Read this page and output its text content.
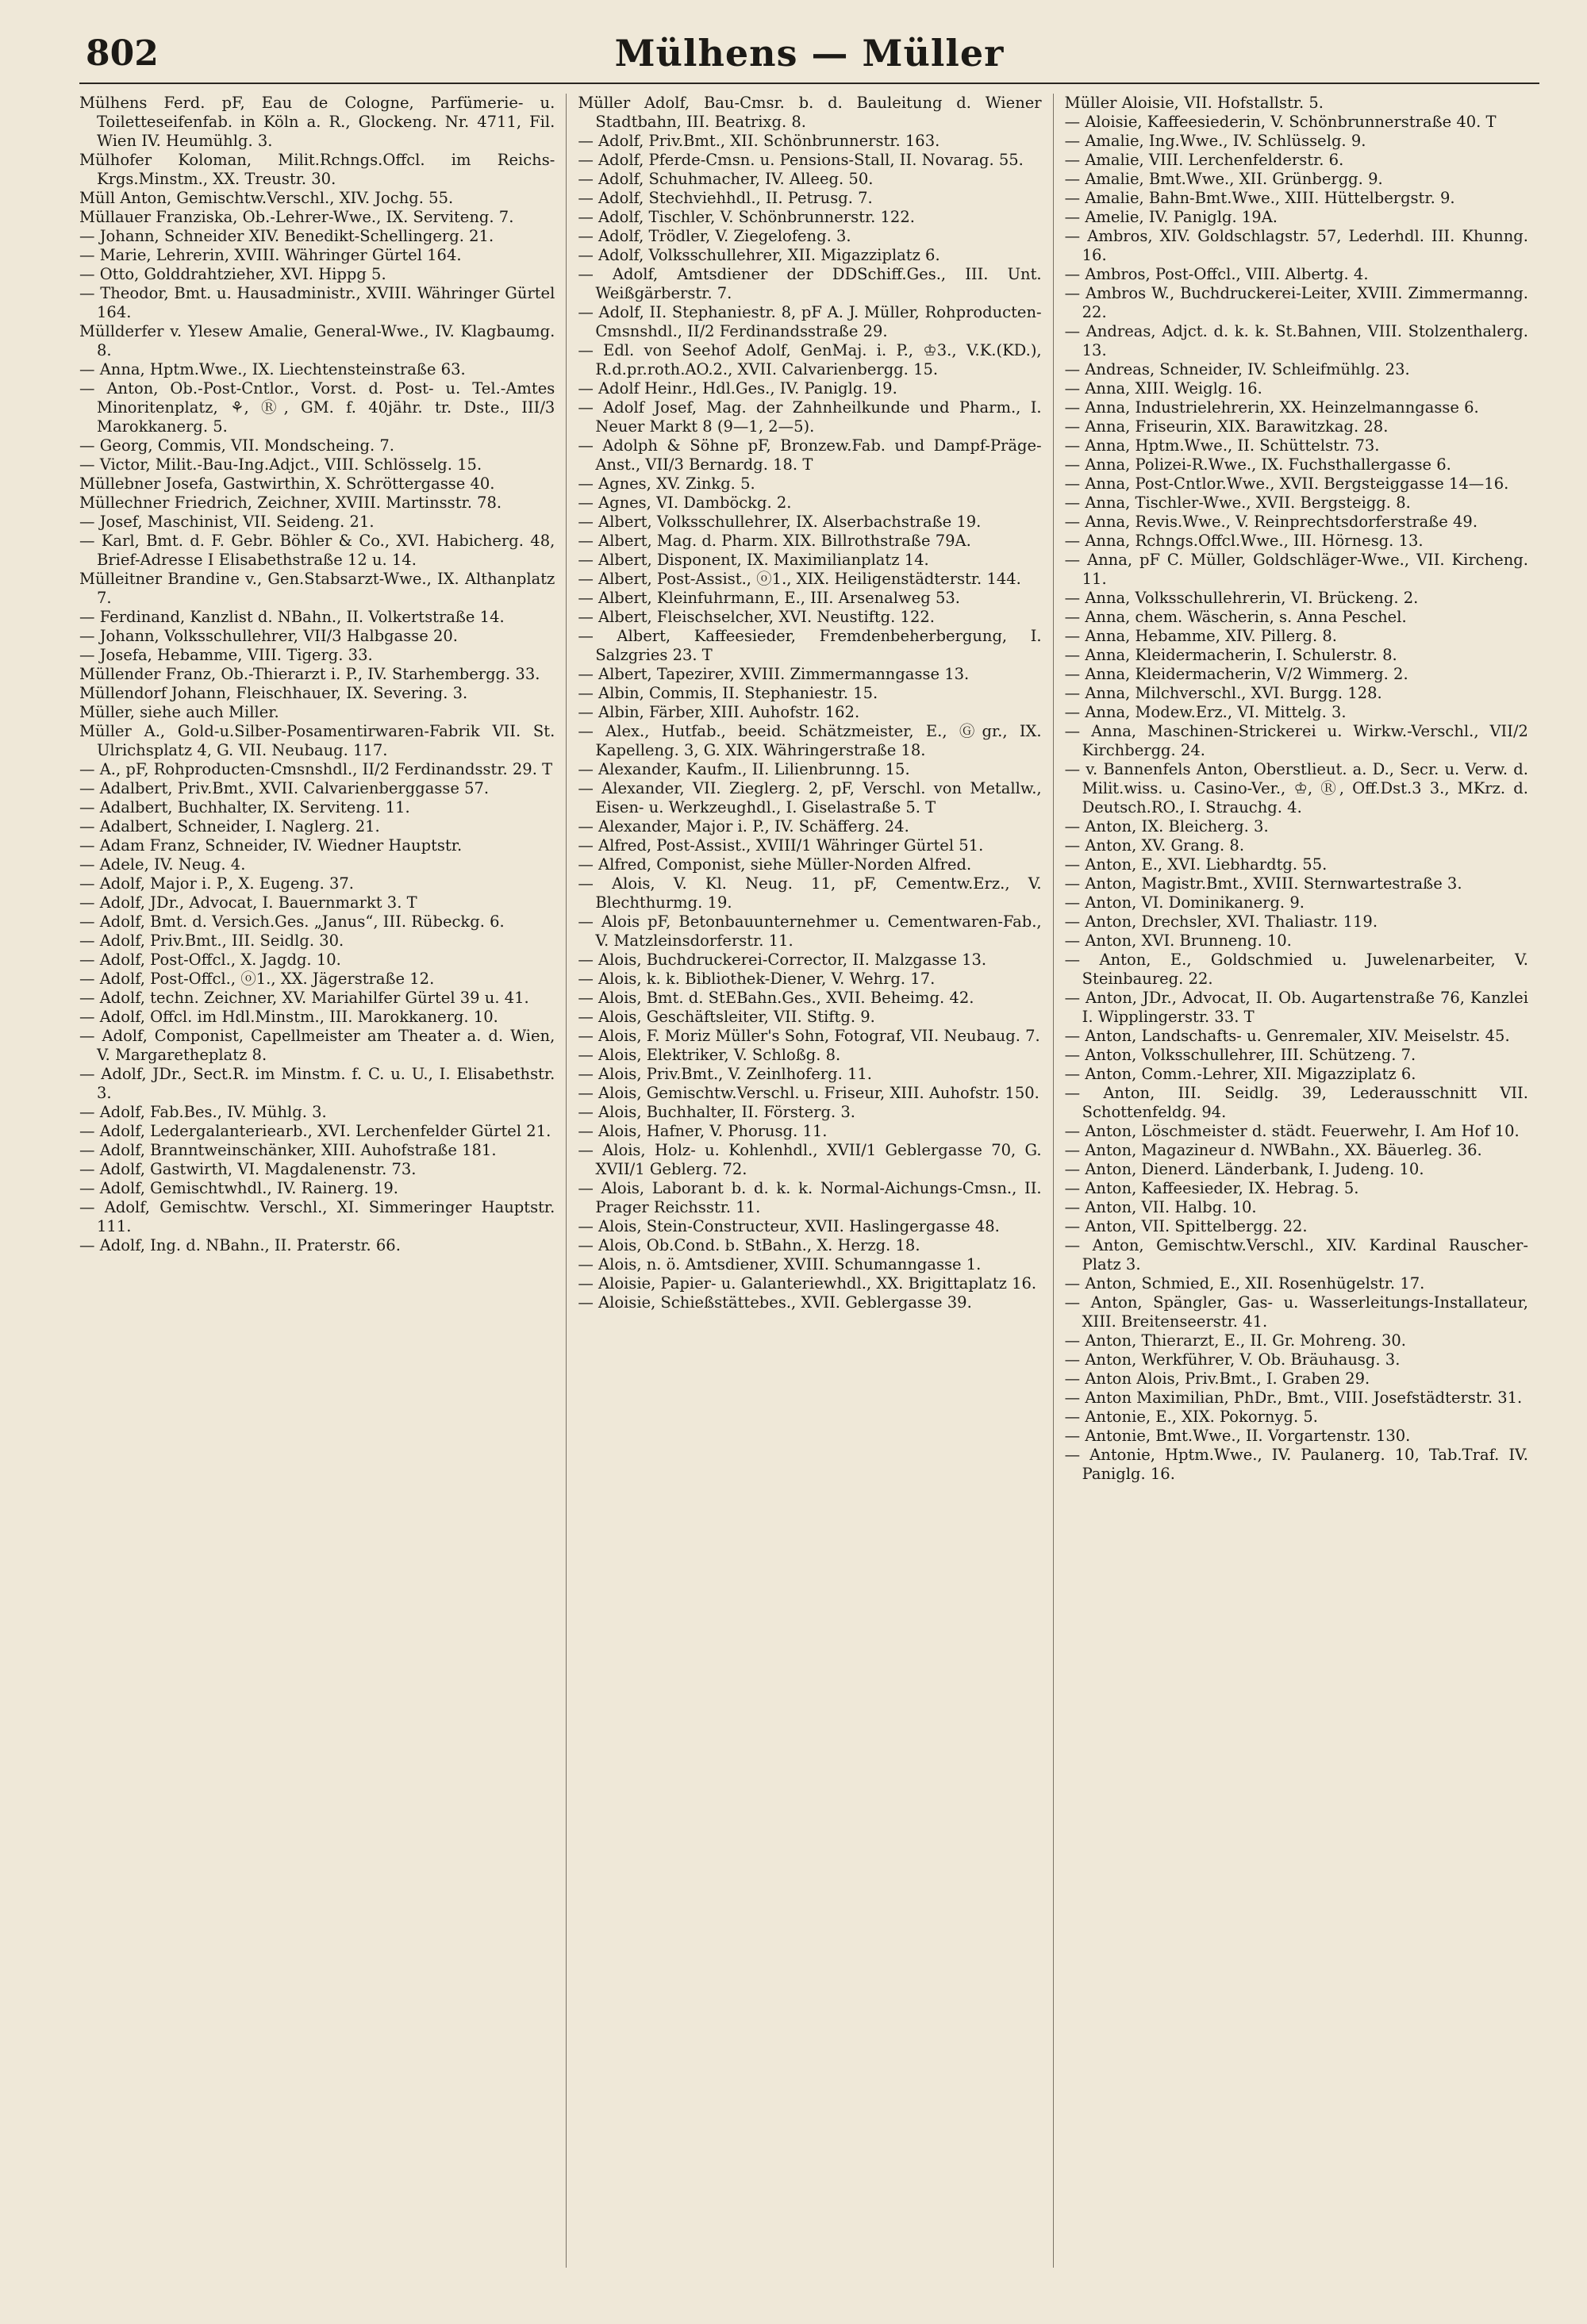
802	Mülhens — Müller

Mülhens Ferd. pF, Eau de Cologne, Parfümerie- u. Toiletteseifenfab. in Köln a. R., Glockeng. Nr. 4711, Fil. Wien IV. Heumühlg. 3.

Mülhofer Koloman, Milit.Rchngs.Offcl. im Reichs-Krgs.Minstm., XX. Treustr. 30.

Müll Anton, Gemischtw.Verschl., XIV. Jochg. 55.

Müllauer Franziska, Ob.-Lehrer-Wwe., IX. Serviteng. 7.

— Johann, Schneider XIV. Benedikt-Schellingerg. 21.

— Marie, Lehrerin, XVIII. Währinger Gürtel 164.

— Otto, Golddrahtzieher, XVI. Hippg 5.

— Theodor, Bmt. u. Hausadministr., XVIII. Währinger Gürtel 164.

Müllderfer v. Ylesew Amalie, General-Wwe., IV. Klagbaumg. 8.

— Anna, Hptm.Wwe., IX. Liechtensteinstraße 63.

— Anton, Ob.-Post-Cntlor., Vorst. d. Post- u. Tel.-Amtes Minoritenplatz, ⚘, Ⓡ, GM. f. 40jähr. tr. Dste., III/3 Marokkanerg. 5.

— Georg, Commis, VII. Mondscheing. 7.

— Victor, Milit.-Bau-Ing.Adjct., VIII. Schlösselg. 15.

Müllebner Josefa, Gastwirthin, X. Schröttergasse 40.

Müllechner Friedrich, Zeichner, XVIII. Martinsstr. 78.

— Josef, Maschinist, VII. Seideng. 21.

— Karl, Bmt. d. F. Gebr. Böhler & Co., XVI. Habicherg. 48, Brief-Adresse I Elisabethstraße 12 u. 14.

Mülleitner Brandine v., Gen.Stabsarzt-Wwe., IX. Althanplatz 7.

— Ferdinand, Kanzlist d. NBahn., II. Volkertstraße 14.

— Johann, Volksschullehrer, VII/3 Halbgasse 20.

— Josefa, Hebamme, VIII. Tigerg. 33.

Müllender Franz, Ob.-Thierarzt i. P., IV. Starhembergg. 33.

Müllendorf Johann, Fleischhauer, IX. Severing. 3.

Müller, siehe auch Miller.

Müller A., Gold-u.Silber-Posamentirwaren-Fabrik VII. St. Ulrichsplatz 4, G. VII. Neubaug. 117.

— A., pF, Rohproducten-Cmsnshdl., II/2 Ferdinandsstr. 29. T

— Adalbert, Priv.Bmt., XVII. Calvarienberggasse 57.

— Adalbert, Buchhalter, IX. Serviteng. 11.

— Adalbert, Schneider, I. Naglerg. 21.

— Adam Franz, Schneider, IV. Wiedner Hauptstr.

— Adele, IV. Neug. 4.

— Adolf, Major i. P., X. Eugeng. 37.

— Adolf, JDr., Advocat, I. Bauernmarkt 3. T

— Adolf, Bmt. d. Versich.Ges. „Janus“, III. Rübeckg. 6.

— Adolf, Priv.Bmt., III. Seidlg. 30.

— Adolf, Post-Offcl., X. Jagdg. 10.

— Adolf, Post-Offcl., ⓞ1., XX. Jägerstraße 12.

— Adolf, techn. Zeichner, XV. Mariahilfer Gürtel 39 u. 41.

— Adolf, Offcl. im Hdl.Minstm., III. Marokkanerg. 10.

— Adolf, Componist, Capellmeister am Theater a. d. Wien, V. Margaretheplatz 8.

— Adolf, JDr., Sect.R. im Minstm. f. C. u. U., I. Elisabethstr. 3.

— Adolf, Fab.Bes., IV. Mühlg. 3.

— Adolf, Ledergalanteriearb., XVI. Lerchenfelder Gürtel 21.

— Adolf, Branntweinschänker, XIII. Auhofstraße 181.

— Adolf, Gastwirth, VI. Magdalenenstr. 73.

— Adolf, Gemischtwhdl., IV. Rainerg. 19.

— Adolf, Gemischtw. Verschl., XI. Simmeringer Hauptstr. 111.

— Adolf, Ing. d. NBahn., II. Praterstr. 66.

Müller Adolf, Bau-Cmsr. b. d. Bauleitung d. Wiener Stadtbahn, III. Beatrixg. 8.

— Adolf, Priv.Bmt., XII. Schönbrunnerstr. 163.

— Adolf, Pferde-Cmsn. u. Pensions-Stall, II. Novarag. 55.

— Adolf, Schuhmacher, IV. Alleeg. 50.

— Adolf, Stechviehhdl., II. Petrusg. 7.

— Adolf, Tischler, V. Schönbrunnerstr. 122.

— Adolf, Trödler, V. Ziegelofeng. 3.

— Adolf, Volksschullehrer, XII. Migazziplatz 6.

— Adolf, Amtsdiener der DDSchiff.Ges., III. Unt. Weißgärberstr. 7.

— Adolf, II. Stephaniestr. 8, pF A. J. Müller, Rohproducten-Cmsnshdl., II/2 Ferdinandsstraße 29.

— Edl. von Seehof Adolf, GenMaj. i. P., ♔3., V.K.(KD.), R.d.pr.roth.AO.2., XVII. Calvarienbergg. 15.

— Adolf Heinr., Hdl.Ges., IV. Paniglg. 19.

— Adolf Josef, Mag. der Zahnheilkunde und Pharm., I. Neuer Markt 8 (9—1, 2—5).

— Adolph & Söhne pF, Bronzew.Fab. und Dampf-Präge-Anst., VII/3 Bernardg. 18. T

— Agnes, XV. Zinkg. 5.

— Agnes, VI. Damböckg. 2.

— Albert, Volksschullehrer, IX. Alserbachstraße 19.

— Albert, Mag. d. Pharm. XIX. Billrothstraße 79A.

— Albert, Disponent, IX. Maximilianplatz 14.

— Albert, Post-Assist., ⓞ1., XIX. Heiligenstädterstr. 144.

— Albert, Kleinfuhrmann, E., III. Arsenalweg 53.

— Albert, Fleischselcher, XVI. Neustiftg. 122.

— Albert, Kaffeesieder, Fremdenbeherbergung, I. Salzgries 23. T

— Albert, Tapezirer, XVIII. Zimmermanngasse 13.

— Albin, Commis, II. Stephaniestr. 15.

— Albin, Färber, XIII. Auhofstr. 162.

— Alex., Hutfab., beeid. Schätzmeister, E., Ⓖgr., IX. Kapelleng. 3, G. XIX. Währingerstraße 18.

— Alexander, Kaufm., II. Lilienbrunng. 15.

— Alexander, VII. Zieglerg. 2, pF, Verschl. von Metallw., Eisen- u. Werkzeughdl., I. Giselastraße 5. T

— Alexander, Major i. P., IV. Schäfferg. 24.

— Alfred, Post-Assist., XVIII/1 Währinger Gürtel 51.

— Alfred, Componist, siehe Müller-Norden Alfred.

— Alois, V. Kl. Neug. 11, pF, Cementw.Erz., V. Blechthurmg. 19.

— Alois pF, Betonbauunternehmer u. Cementwaren-Fab., V. Matzleinsdorferstr. 11.

— Alois, Buchdruckerei-Corrector, II. Malzgasse 13.

— Alois, k. k. Bibliothek-Diener, V. Wehrg. 17.

— Alois, Bmt. d. StEBahn.Ges., XVII. Beheimg. 42.

— Alois, Geschäftsleiter, VII. Stiftg. 9.

— Alois, F. Moriz Müller's Sohn, Fotograf, VII. Neubaug. 7.

— Alois, Elektriker, V. Schloßg. 8.

— Alois, Priv.Bmt., V. Zeinlhoferg. 11.

— Alois, Gemischtw.Verschl. u. Friseur, XIII. Auhofstr. 150.

— Alois, Buchhalter, II. Försterg. 3.

— Alois, Hafner, V. Phorusg. 11.

— Alois, Holz- u. Kohlenhdl., XVII/1 Geblergasse 70, G. XVII/1 Geblerg. 72.

— Alois, Laborant b. d. k. k. Normal-Aichungs-Cmsn., II. Prager Reichsstr. 11.

— Alois, Stein-Constructeur, XVII. Haslingergasse 48.

— Alois, Ob.Cond. b. StBahn., X. Herzg. 18.

— Alois, n. ö. Amtsdiener, XVIII. Schumanngasse 1.

— Aloisie, Papier- u. Galanteriewhdl., XX. Brigittaplatz 16.

— Aloisie, Schießstättebes., XVII. Geblergasse 39.

Müller Aloisie, VII. Hofstallstr. 5.

— Aloisie, Kaffeesiederin, V. Schönbrunnerstraße 40. T

— Amalie, Ing.Wwe., IV. Schlüsselg. 9.

— Amalie, VIII. Lerchenfelderstr. 6.

— Amalie, Bmt.Wwe., XII. Grünbergg. 9.

— Amalie, Bahn-Bmt.Wwe., XIII. Hüttelbergstr. 9.

— Amelie, IV. Paniglg. 19A.

— Ambros, XIV. Goldschlagstr. 57, Lederhdl. III. Khunng. 16.

— Ambros, Post-Offcl., VIII. Albertg. 4.

— Ambros W., Buchdruckerei-Leiter, XVIII. Zimmermanng. 22.

— Andreas, Adjct. d. k. k. St.Bahnen, VIII. Stolzenthalerg. 13.

— Andreas, Schneider, IV. Schleifmühlg. 23.

— Anna, XIII. Weiglg. 16.

— Anna, Industrielehrerin, XX. Heinzelmanngasse 6.

— Anna, Friseurin, XIX. Barawitzkag. 28.

— Anna, Hptm.Wwe., II. Schüttelstr. 73.

— Anna, Polizei-R.Wwe., IX. Fuchsthallergasse 6.

— Anna, Post-Cntlor.Wwe., XVII. Bergsteiggasse 14—16.

— Anna, Tischler-Wwe., XVII. Bergsteigg. 8.

— Anna, Revis.Wwe., V. Reinprechtsdorferstraße 49.

— Anna, Rchngs.Offcl.Wwe., III. Hörnesg. 13.

— Anna, pF C. Müller, Goldschläger-Wwe., VII. Kircheng. 11.

— Anna, Volksschullehrerin, VI. Brückeng. 2.

— Anna, chem. Wäscherin, s. Anna Peschel.

— Anna, Hebamme, XIV. Pillerg. 8.

— Anna, Kleidermacherin, I. Schulerstr. 8.

— Anna, Kleidermacherin, V/2 Wimmerg. 2.

— Anna, Milchverschl., XVI. Burgg. 128.

— Anna, Modew.Erz., VI. Mittelg. 3.

— Anna, Maschinen-Strickerei u. Wirkw.-Verschl., VII/2 Kirchbergg. 24.

— v. Bannenfels Anton, Oberstlieut. a. D., Secr. u. Verw. d. Milit.wiss. u. Casino-Ver., ♔, Ⓡ, Off.Dst.3 3., MKrz. d. Deutsch.RO., I. Strauchg. 4.

— Anton, IX. Bleicherg. 3.

— Anton, XV. Grang. 8.

— Anton, E., XVI. Liebhardtg. 55.

— Anton, Magistr.Bmt., XVIII. Sternwartestraße 3.

— Anton, VI. Dominikanerg. 9.

— Anton, Drechsler, XVI. Thaliastr. 119.

— Anton, XVI. Brunneng. 10.

— Anton, E., Goldschmied u. Juwelenarbeiter, V. Steinbaureg. 22.

— Anton, JDr., Advocat, II. Ob. Augartenstraße 76, Kanzlei I. Wipplingerstr. 33. T

— Anton, Landschafts- u. Genremaler, XIV. Meiselstr. 45.

— Anton, Volksschullehrer, III. Schützeng. 7.

— Anton, Comm.-Lehrer, XII. Migazziplatz 6.

— Anton, III. Seidlg. 39, Lederausschnitt VII. Schottenfeldg. 94.

— Anton, Löschmeister d. städt. Feuerwehr, I. Am Hof 10.

— Anton, Magazineur d. NWBahn., XX. Bäuerleg. 36.

— Anton, Dienerd. Länderbank, I. Judeng. 10.

— Anton, Kaffeesieder, IX. Hebrag. 5.

— Anton, VII. Halbg. 10.

— Anton, VII. Spittelbergg. 22.

— Anton, Gemischtw.Verschl., XIV. Kardinal Rauscher-Platz 3.

— Anton, Schmied, E., XII. Rosenhügelstr. 17.

— Anton, Spängler, Gas- u. Wasserleitungs-Installateur, XIII. Breitenseerstr. 41.

— Anton, Thierarzt, E., II. Gr. Mohreng. 30.

— Anton, Werkführer, V. Ob. Bräuhausg. 3.

— Anton Alois, Priv.Bmt., I. Graben 29.

— Anton Maximilian, PhDr., Bmt., VIII. Josefstädterstr. 31.

— Antonie, E., XIX. Pokornyg. 5.

— Antonie, Bmt.Wwe., II. Vorgartenstr. 130.

— Antonie, Hptm.Wwe., IV. Paulanerg. 10, Tab.Traf. IV. Paniglg. 16.
